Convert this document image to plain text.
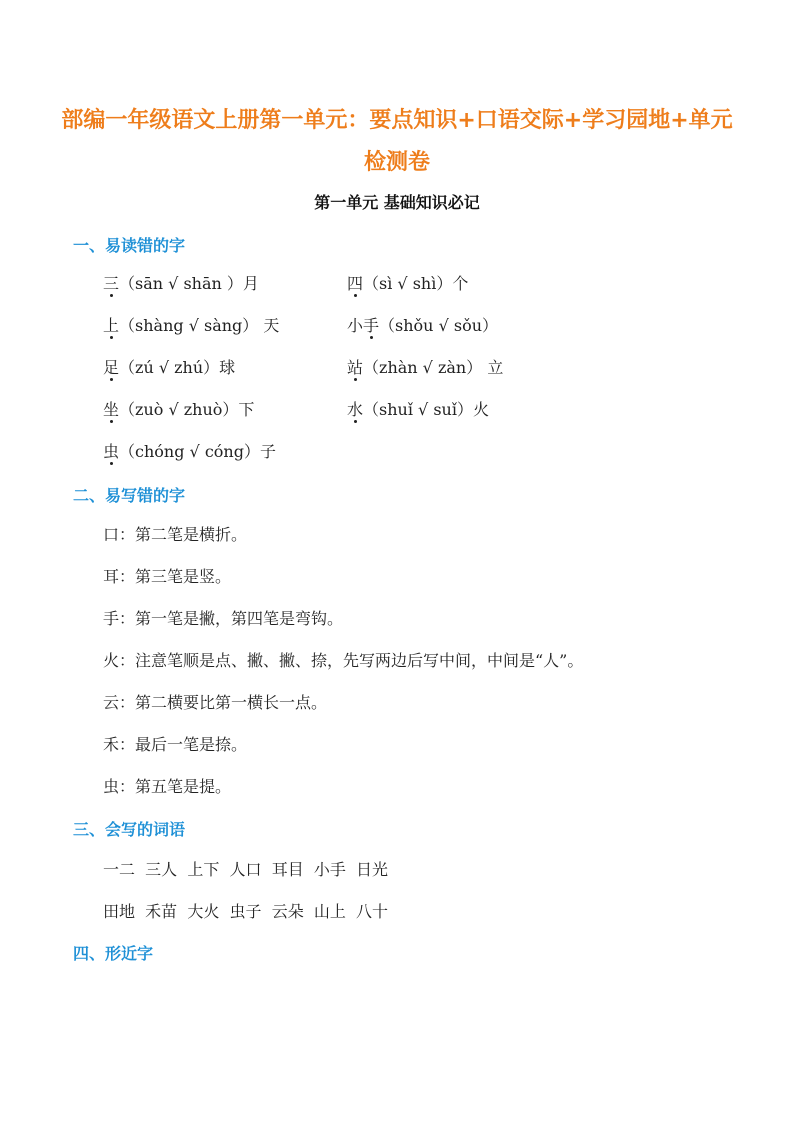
部编一年级语文上册第一单元：要点知识+口语交际+学习园地+单元检测卷
第一单元 基础知识必记
一、易读错的字
三（sān √ shān ）月	四（sì √ shì）个
上（shàng √ sàng） 天	小手（shǒu √ sǒu）
足（zú √ zhú）球	站（zhàn √ zàn） 立
坐（zuò √ zhuò）下	水（shuǐ √ suǐ）火
虫（chóng √ cóng）子
二、易写错的字
口：第二笔是横折。
耳：第三笔是竖。
手：第一笔是撇，第四笔是弯钩。
火：注意笔顺是点、撇、撇、捺，先写两边后写中间，中间是“人”。
云：第二横要比第一横长一点。
禾：最后一笔是捺。
虫：第五笔是提。
三、会写的词语
一二  三人  上下  人口  耳目  小手  日光
田地  禾苗  大火  虫子  云朵  山上  八十
四、形近字
